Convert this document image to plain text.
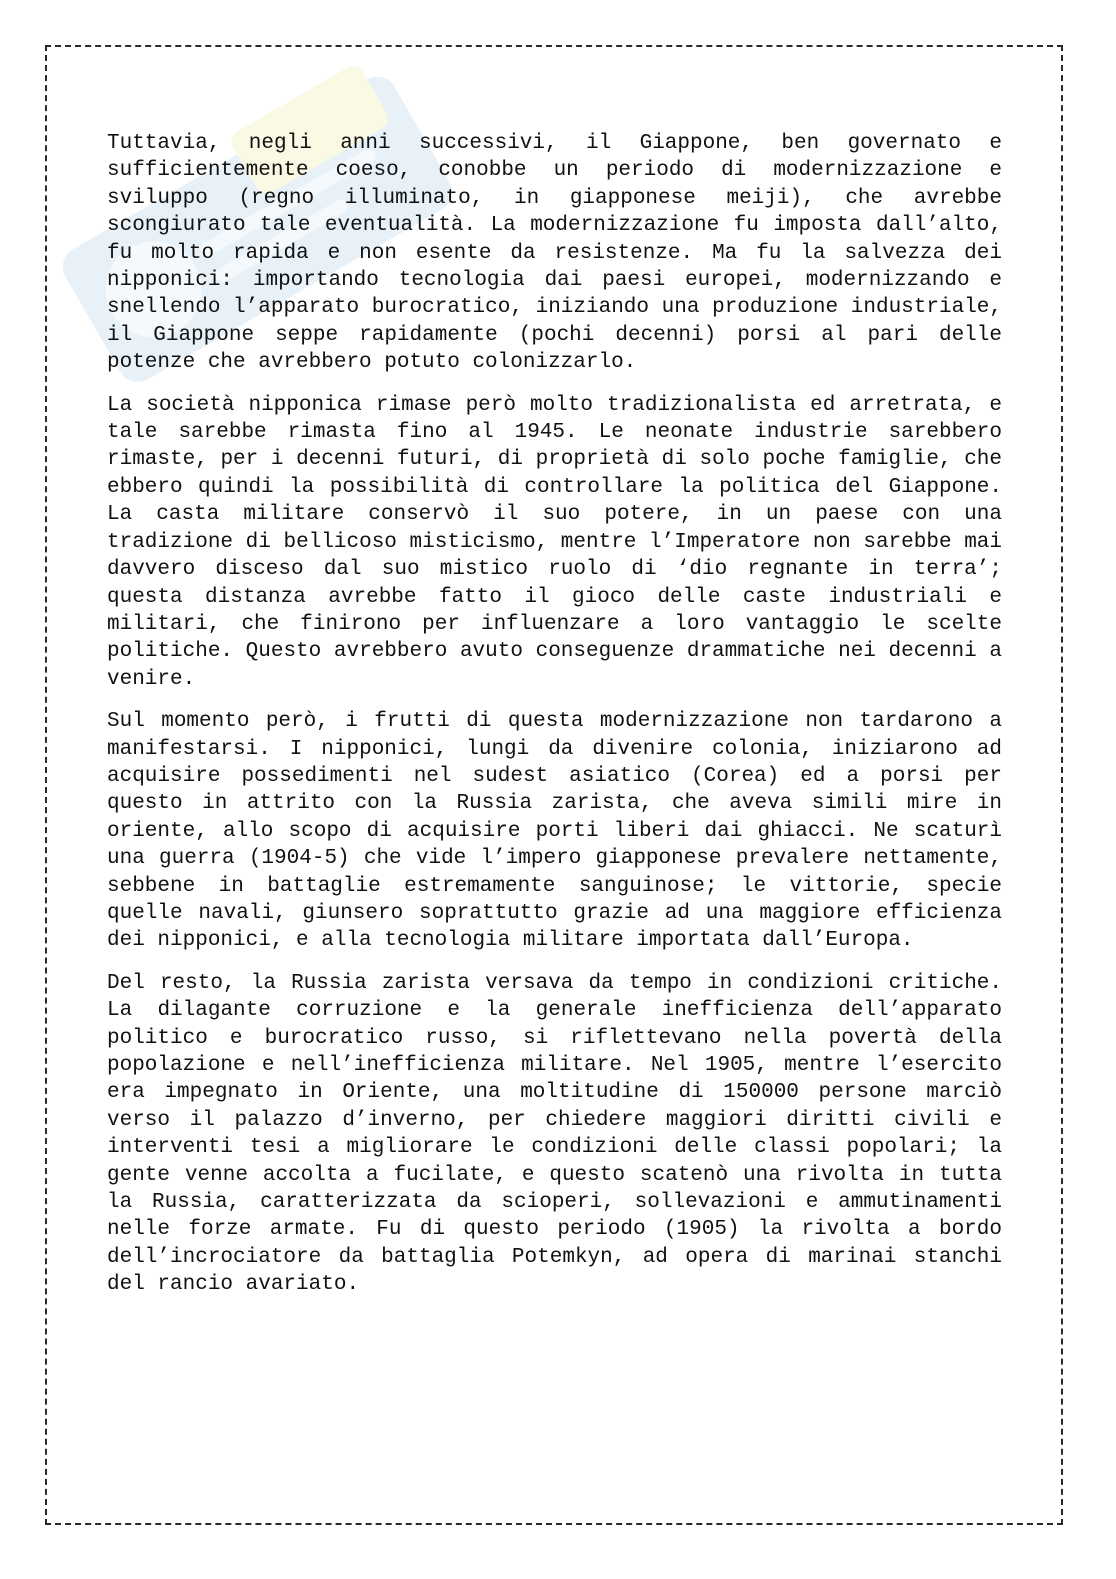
Tuttavia, negli anni successivi, il Giappone, ben governato e sufficientemente coeso, conobbe un periodo di modernizzazione e sviluppo (regno illuminato, in giapponese meiji), che avrebbe scongiurato tale eventualità. La modernizzazione fu imposta dall’alto, fu molto rapida e non esente da resistenze. Ma fu la salvezza dei nipponici: importando tecnologia dai paesi europei, modernizzando e snellendo l’apparato burocratico, iniziando una produzione industriale, il Giappone seppe rapidamente (pochi decenni) porsi al pari delle potenze che avrebbero potuto colonizzarlo.

La società nipponica rimase però molto tradizionalista ed arretrata, e tale sarebbe rimasta fino al 1945. Le neonate industrie sarebbero rimaste, per i decenni futuri, di proprietà di solo poche famiglie, che ebbero quindi la possibilità di controllare la politica del Giappone. La casta militare conservò il suo potere, in un paese con una tradizione di bellicoso misticismo, mentre l’Imperatore non sarebbe mai davvero disceso dal suo mistico ruolo di ‘dio regnante in terra’; questa distanza avrebbe fatto il gioco delle caste industriali e militari, che finirono per influenzare a loro vantaggio le scelte politiche. Questo avrebbero avuto conseguenze drammatiche nei decenni a venire.

Sul momento però, i frutti di questa modernizzazione non tardarono a manifestarsi. I nipponici, lungi da divenire colonia, iniziarono ad acquisire possedimenti nel sudest asiatico (Corea) ed a porsi per questo in attrito con la Russia zarista, che aveva simili mire in oriente, allo scopo di acquisire porti liberi dai ghiacci. Ne scaturì una guerra (1904-5) che vide l’impero giapponese prevalere nettamente, sebbene in battaglie estremamente sanguinose; le vittorie, specie quelle navali, giunsero soprattutto grazie ad una maggiore efficienza dei nipponici, e alla tecnologia militare importata dall’Europa.

Del resto, la Russia zarista versava da tempo in condizioni critiche. La dilagante corruzione e la generale inefficienza dell’apparato politico e burocratico russo, si riflettevano nella povertà della popolazione e nell’inefficienza militare. Nel 1905, mentre l’esercito era impegnato in Oriente, una moltitudine di 150000 persone marciò verso il palazzo d’inverno, per chiedere maggiori diritti civili e interventi tesi a migliorare le condizioni delle classi popolari; la gente venne accolta a fucilate, e questo scatenò una rivolta in tutta la Russia, caratterizzata da scioperi, sollevazioni e ammutinamenti nelle forze armate. Fu di questo periodo (1905) la rivolta a bordo dell’incrociatore da battaglia Potemkyn, ad opera di marinai stanchi del rancio avariato.
